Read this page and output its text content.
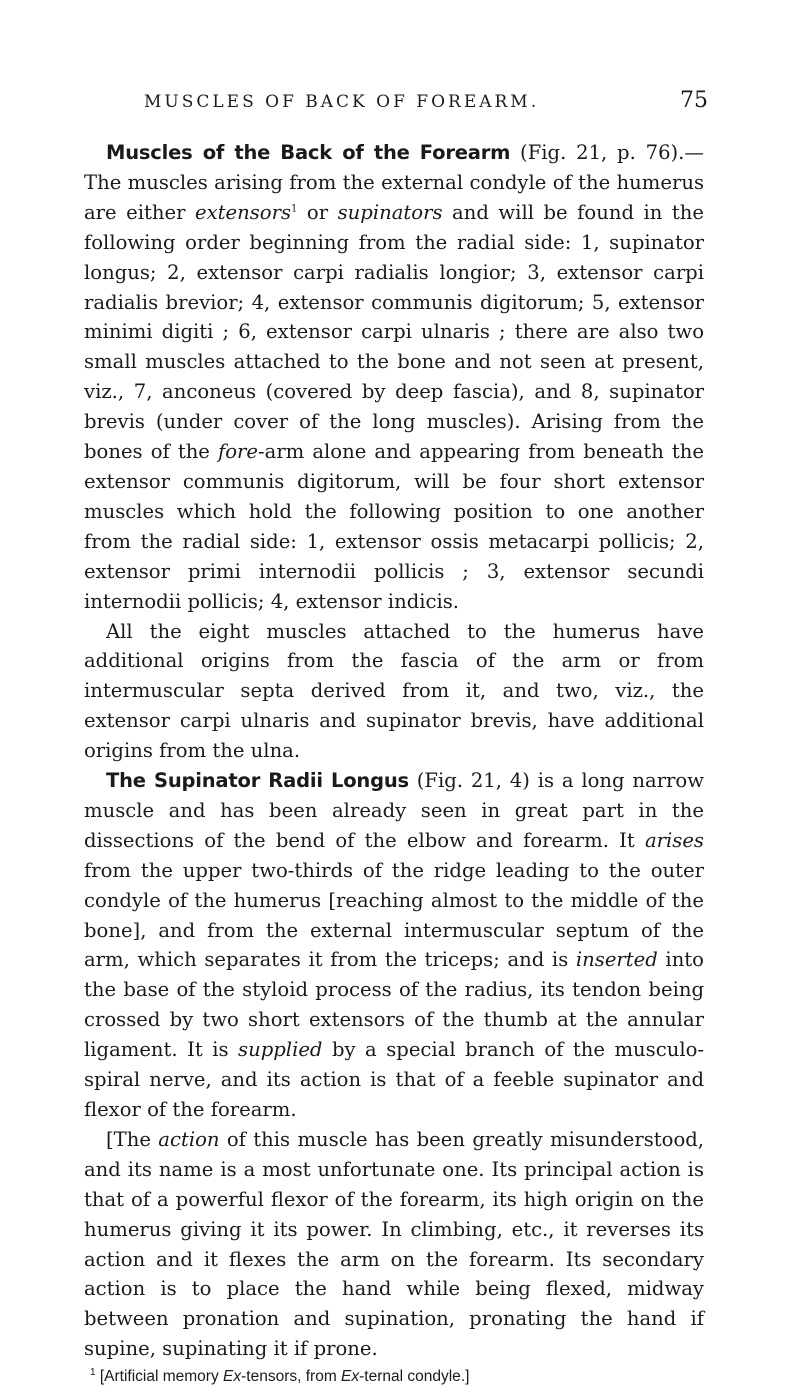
MUSCLES OF BACK OF FOREARM.	75

Muscles of the Back of the Forearm (Fig. 21, p. 76).—The muscles arising from the external condyle of the humerus are either extensors$^1$ or supinators and will be found in the following order beginning from the radial side: 1, supinator longus; 2, extensor carpi radialis longior; 3, extensor carpi radialis brevior; 4, extensor communis digitorum; 5, extensor minimi digiti ; 6, extensor carpi ulnaris ; there are also two small muscles attached to the bone and not seen at present, viz., 7, anconeus (covered by deep fascia), and 8, supinator brevis (under cover of the long muscles). Arising from the bones of the fore-arm alone and appearing from beneath the extensor communis digitorum, will be four short extensor muscles which hold the following position to one another from the radial side: 1, extensor ossis metacarpi pollicis; 2, extensor primi internodii pollicis ; 3, extensor secundi internodii pollicis; 4, extensor indicis.

All the eight muscles attached to the humerus have additional origins from the fascia of the arm or from intermuscular septa derived from it, and two, viz., the extensor carpi ulnaris and supinator brevis, have additional origins from the ulna.

The Supinator Radii Longus (Fig. 21, 4) is a long narrow muscle and has been already seen in great part in the dissections of the bend of the elbow and forearm. It arises from the upper two-thirds of the ridge leading to the outer condyle of the humerus [reaching almost to the middle of the bone], and from the external intermuscular septum of the arm, which separates it from the triceps; and is inserted into the base of the styloid process of the radius, its tendon being crossed by two short extensors of the thumb at the annular ligament. It is supplied by a special branch of the musculo-spiral nerve, and its action is that of a feeble supinator and flexor of the forearm.

[The action of this muscle has been greatly misunderstood, and its name is a most unfortunate one. Its principal action is that of a powerful flexor of the forearm, its high origin on the humerus giving it its power. In climbing, etc., it reverses its action and it flexes the arm on the forearm. Its secondary action is to place the hand while being flexed, midway between pronation and supination, pronating the hand if supine, supinating it if prone.

$^1$ [Artificial memory Ex-tensors, from Ex-ternal condyle.]
